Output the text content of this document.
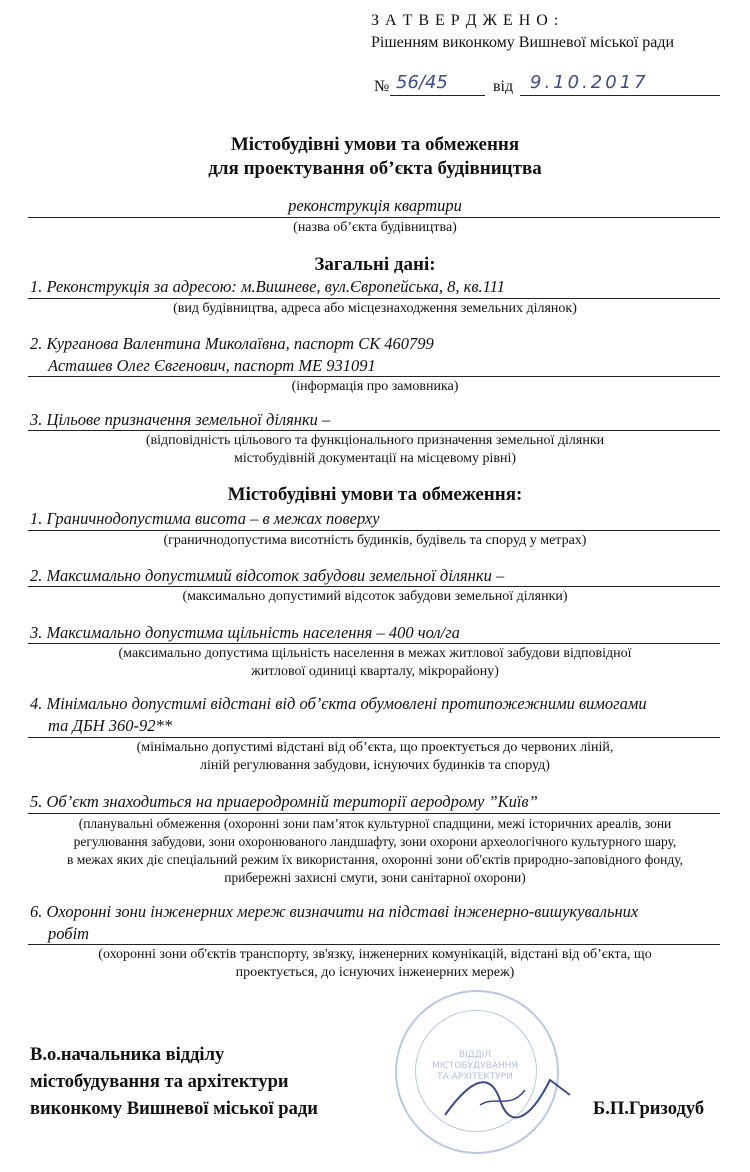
З А Т В Е Р Д Ж Е Н О :
Рішенням виконкому Вишневої міської ради
№ 56/45	від 9.10.2017
Містобудівні умови та обмеження
для проектування об’єкта будівництва
реконструкція квартири
(назва об’єкта будівництва)
Загальні дані:
1. Реконструкція за адресою: м.Вишневе, вул.Європейська, 8, кв.111
(вид будівництва, адреса або місцезнаходження земельних ділянок)
2. Курганова Валентина Миколаївна, паспорт СК 460799
Асташев Олег Євгенович, паспорт МЕ 931091
(інформація про замовника)
3. Цільове призначення земельної ділянки –
(відповідність цільового та функціонального призначення земельної ділянки
містобудівній документації на місцевому рівні)
Містобудівні умови та обмеження:
1. Граничнодопустима висота – в межах поверху
(граничнодопустима висотність будинків, будівель та споруд у метрах)
2. Максимально допустимий відсоток забудови земельної ділянки –
(максимально допустимий відсоток забудови земельної ділянки)
3. Максимально допустима щільність населення – 400 чол/га
(максимально допустима щільність населення в межах житлової забудови відповідної
житлової одиниці кварталу, мікрорайону)
4. Мінімально допустимі відстані від об’єкта обумовлені протипожежними вимогами
та ДБН 360-92**
(мінімально допустимі відстані від об’єкта, що проектується до червоних ліній,
ліній регулювання забудови, існуючих будинків та споруд)
5. Об’єкт знаходиться на приаеродромній території аеродрому ”Київ”
(планувальні обмеження (охоронні зони пам’яток культурної спадщини, межі історичних ареалів, зони
регулювання забудови, зони охоронюваного ландшафту, зони охорони археологічного культурного шару,
в межах яких діє спеціальний режим їх використання, охоронні зони об'єктів природно-заповідного фонду,
прибережні захисні смуги, зони санітарної охорони)
6. Охоронні зони інженерних мереж визначити на підставі інженерно-вишукувальних
робіт
(охоронні зони об'єктів транспорту, зв'язку, інженерних комунікацій, відстані від об’єкта, що
проектується, до існуючих інженерних мереж)
ВІДДІЛ
МІСТОБУДУВАННЯ
ТА АРХІТЕКТУРИ
В.о.начальника відділу
містобудування та архітектури
виконкому Вишневої міської ради	Б.П.Гризодуб
